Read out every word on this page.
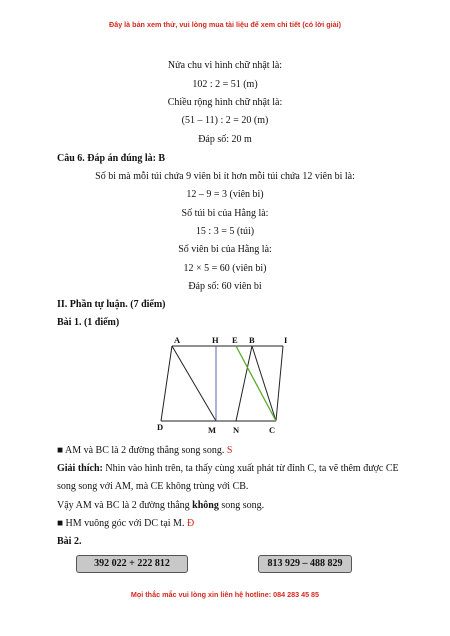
Đây là bản xem thử, vui lòng mua tài liệu để xem chi tiết (có lời giải)
Nửa chu vi hình chữ nhật là:
102 : 2 = 51 (m)
Chiều rộng hình chữ nhật là:
(51 – 11) : 2 = 20 (m)
Đáp số: 20 m
Câu 6. Đáp án đúng là: B
Số bi mà mỗi túi chứa 9 viên bi ít hơn mỗi túi chứa 12 viên bi là:
12 – 9 = 3 (viên bi)
Số túi bi của Hằng là:
15 : 3 = 5 (túi)
Số viên bi của Hằng là:
12 × 5 = 60 (viên bi)
Đáp số: 60 viên bi
II. Phần tự luận. (7 điểm)
Bài 1. (1 điểm)
A	H E B	I
D	M N	C
■ AM và BC là 2 đường thẳng song song. S
Giải thích: Nhìn vào hình trên, ta thấy cùng xuất phát từ đỉnh C, ta vẽ thêm được CE
song song với AM, mà CE không trùng với CB.
Vậy AM và BC là 2 đường thẳng không song song.
■ HM vuông góc với DC tại M. Đ
Bài 2.
392 022 + 222 812	813 929 – 488 829
Mọi thắc mắc vui lòng xin liên hệ hotline: 084 283 45 85
